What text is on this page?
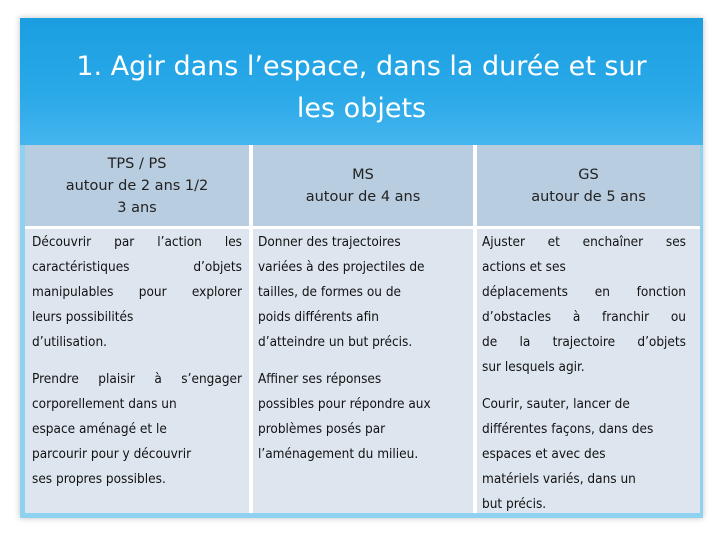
1. Agir dans l’espace, dans la durée et sur
les objets
TPS / PS
autour de 2 ans 1/2
3 ans
MS
autour de 4 ans
GS
autour de 5 ans
Découvrir par l’action les
caractéristiques d’objets
manipulables pour explorer
leurs possibilités
d’utilisation.
Prendre plaisir à s’engager
corporellement dans un
espace aménagé et le
parcourir pour y découvrir
ses propres possibles.
Donner des trajectoires
variées à des projectiles de
tailles, de formes ou de
poids différents afin
d’atteindre un but précis.
Affiner ses réponses
possibles pour répondre aux
problèmes posés par
l’aménagement du milieu.
Ajuster et enchaîner ses
actions et ses
déplacements en fonction
d’obstacles à franchir ou
de la trajectoire d’objets
sur lesquels agir.
Courir, sauter, lancer de
différentes façons, dans des
espaces et avec des
matériels variés, dans un
but précis.
